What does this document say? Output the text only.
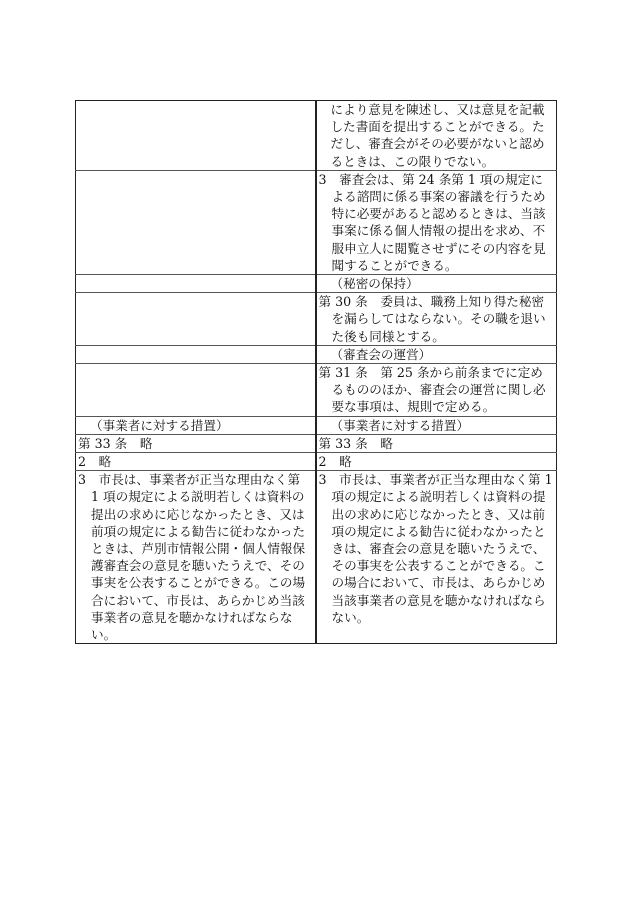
	により意見を陳述し、又は意見を記載した書面を提出することができる。ただし、審査会がその必要がないと認めるときは、この限りでない。

	3　審査会は、第 24 条第 1 項の規定による諮問に係る事案の審議を行うため特に必要があると認めるときは、当該事案に係る個人情報の提出を求め、不服申立人に閲覧させずにその内容を見聞することができる。

	（秘密の保持）

	第 30 条　委員は、職務上知り得た秘密を漏らしてはならない。その職を退いた後も同様とする。

	（審査会の運営）

	第 31 条　第 25 条から前条までに定めるもののほか、審査会の運営に関し必要な事項は、規則で定める。

（事業者に対する措置）	（事業者に対する措置）

第 33 条　略	第 33 条　略

2　略	2　略

3　市長は、事業者が正当な理由なく第 1 項の規定による説明若しくは資料の提出の求めに応じなかったとき、又は前項の規定による勧告に従わなかったときは、芦別市情報公開・個人情報保護審査会の意見を聴いたうえで、その事実を公表することができる。この場合において、市長は、あらかじめ当該事業者の意見を聴かなければならない。	3　市長は、事業者が正当な理由なく第 1 項の規定による説明若しくは資料の提出の求めに応じなかったとき、又は前項の規定による勧告に従わなかったときは、審査会の意見を聴いたうえで、その事実を公表することができる。この場合において、市長は、あらかじめ当該事業者の意見を聴かなければならない。
